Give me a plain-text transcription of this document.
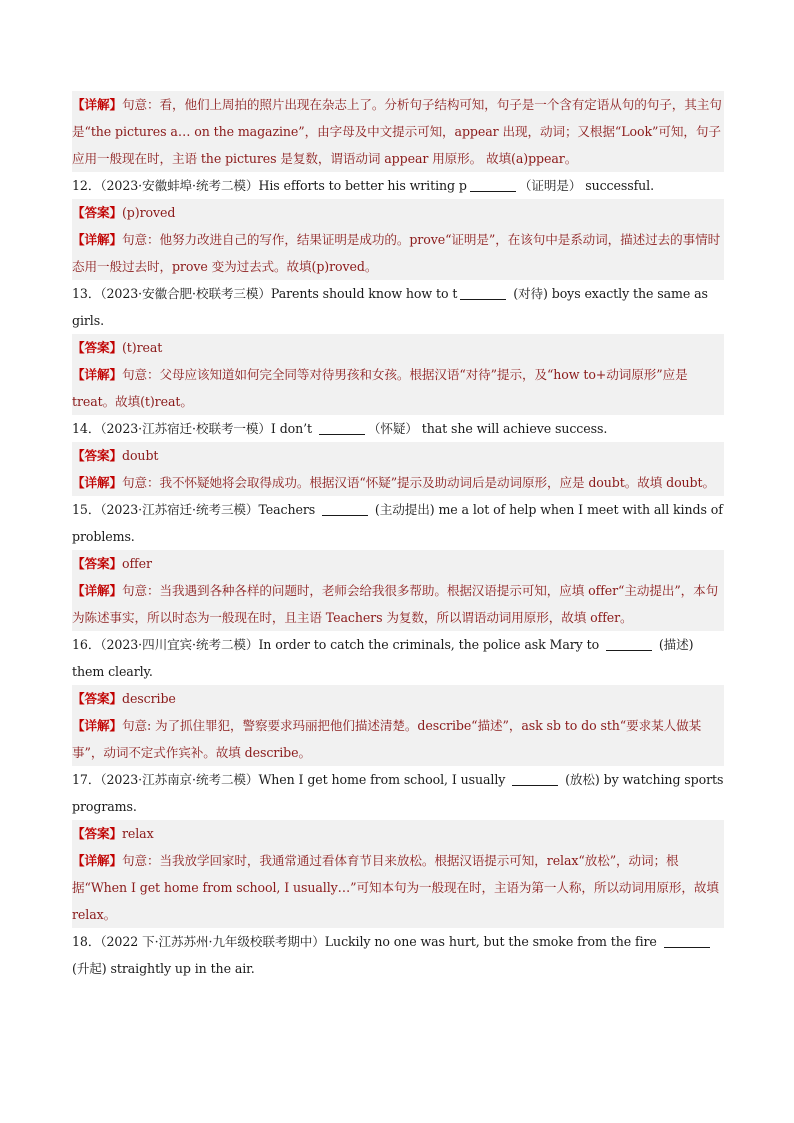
【详解】句意：看，他们上周拍的照片出现在杂志上了。分析句子结构可知，句子是一个含有定语从句的句子，其主句是“the pictures a… on the magazine”，由字母及中文提示可知，appear 出现，动词；又根据“Look”可知，句子应用一般现在时，主语 the pictures 是复数，谓语动词 appear 用原形。 故填(a)ppear。
12．（2023·安徽蚌埠·统考二模）His efforts to better his writing p	（证明是） successful.
【答案】(p)roved
【详解】句意：他努力改进自己的写作，结果证明是成功的。prove“证明是”，在该句中是系动词，描述过去的事情时态用一般过去时，prove 变为过去式。故填(p)roved。
13．（2023·安徽合肥·校联考三模）Parents should know how to t	(对待) boys exactly the same as girls.
【答案】(t)reat
【详解】句意：父母应该知道如何完全同等对待男孩和女孩。根据汉语“对待”提示，及“how to+动词原形”应是 treat。故填(t)reat。
14．（2023·江苏宿迁·校联考一模）I don’t	（怀疑） that she will achieve success.
【答案】doubt
【详解】句意：我不怀疑她将会取得成功。根据汉语“怀疑”提示及助动词后是动词原形，应是 doubt。故填 doubt。
15．（2023·江苏宿迁·统考三模）Teachers	(主动提出) me a lot of help when I meet with all kinds of problems.
【答案】offer
【详解】句意：当我遇到各种各样的问题时，老师会给我很多帮助。根据汉语提示可知，应填 offer“主动提出”，本句为陈述事实，所以时态为一般现在时，且主语 Teachers 为复数，所以谓语动词用原形，故填 offer。
16．（2023·四川宜宾·统考二模）In order to catch the criminals, the police ask Mary to	(描述) them clearly.
【答案】describe
【详解】句意: 为了抓住罪犯，警察要求玛丽把他们描述清楚。describe“描述”，ask sb to do sth“要求某人做某事”，动词不定式作宾补。故填 describe。
17．（2023·江苏南京·统考二模）When I get home from school, I usually	(放松) by watching sports programs.
【答案】relax
【详解】句意：当我放学回家时，我通常通过看体育节目来放松。根据汉语提示可知，relax“放松”，动词；根据“When I get home from school, I usually…”可知本句为一般现在时，主语为第一人称，所以动词用原形，故填 relax。
18．（2022 下·江苏苏州·九年级校联考期中）Luckily no one was hurt, but the smoke from the fire  (升起) straightly up in the air.
